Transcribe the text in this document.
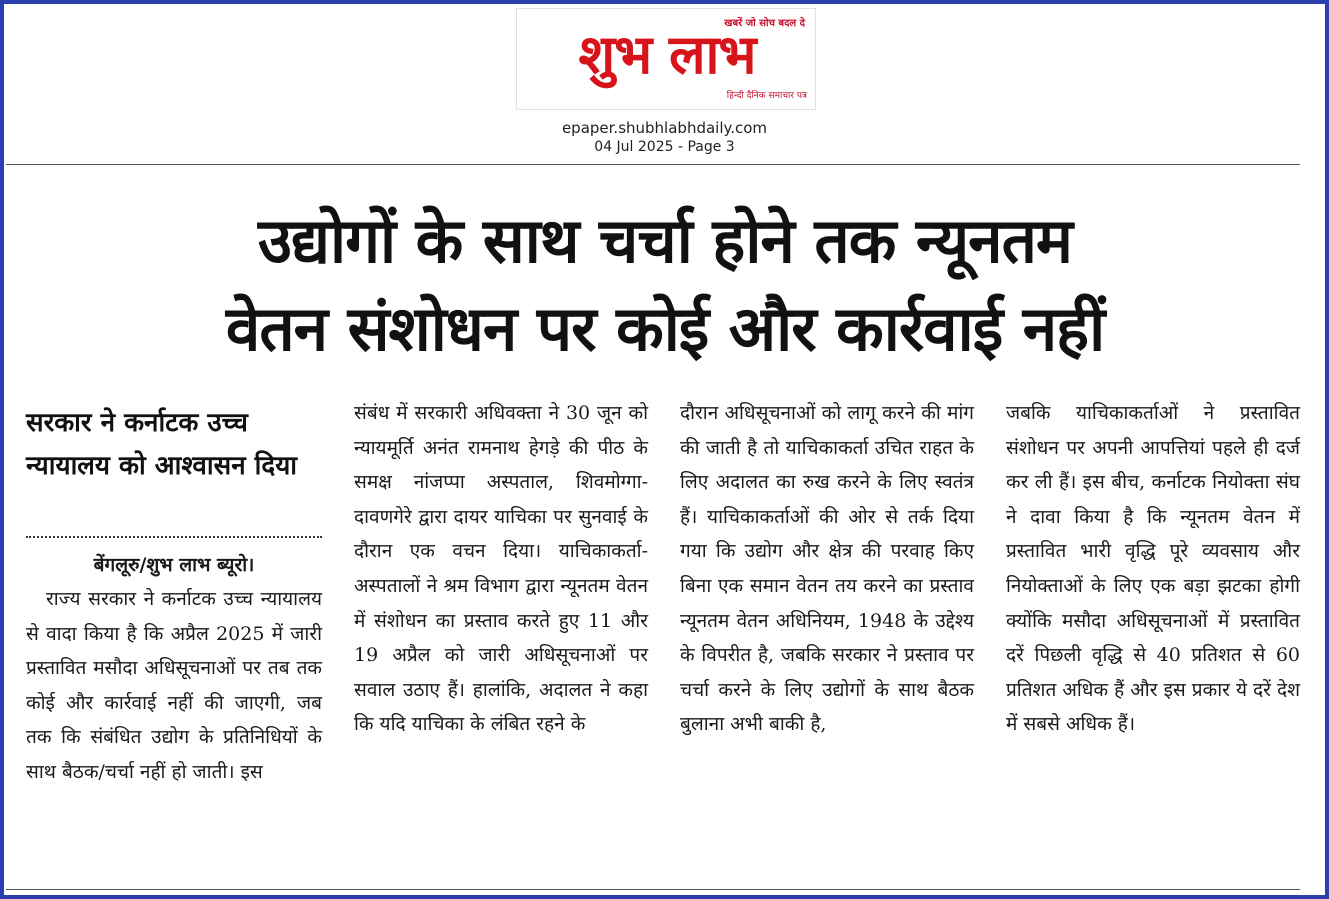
खबरें जो सोच बदल दे
शुभ लाभ
हिन्दी दैनिक समाचार पत्र
epaper.shubhlabhdaily.com
04 Jul 2025 - Page 3
उद्योगों के साथ चर्चा होने तक न्यूनतम
वेतन संशोधन पर कोई और कार्रवाई नहीं
सरकार ने कर्नाटक उच्च न्यायालय को आश्वासन दिया
बेंगलूरु/शुभ लाभ ब्यूरो।
राज्य सरकार ने कर्नाटक उच्च न्यायालय से वादा किया है कि अप्रैल 2025 में जारी प्रस्तावित मसौदा अधिसूचनाओं पर तब तक कोई और कार्रवाई नहीं की जाएगी, जब तक कि संबंधित उद्योग के प्रतिनिधियों के साथ बैठक/चर्चा नहीं हो जाती। इस
संबंध में सरकारी अधिवक्ता ने 30 जून को न्यायमूर्ति अनंत रामनाथ हेगड़े की पीठ के समक्ष नांजप्पा अस्पताल, शिवमोग्गा-दावणगेरे द्वारा दायर याचिका पर सुनवाई के दौरान एक वचन दिया। याचिकाकर्ता-अस्पतालों ने श्रम विभाग द्वारा न्यूनतम वेतन में संशोधन का प्रस्ताव करते हुए 11 और 19 अप्रैल को जारी अधिसूचनाओं पर सवाल उठाए हैं। हालांकि, अदालत ने कहा कि यदि याचिका के लंबित रहने के
दौरान अधिसूचनाओं को लागू करने की मांग की जाती है तो याचिकाकर्ता उचित राहत के लिए अदालत का रुख करने के लिए स्वतंत्र हैं। याचिकाकर्ताओं की ओर से तर्क दिया गया कि उद्योग और क्षेत्र की परवाह किए बिना एक समान वेतन तय करने का प्रस्ताव न्यूनतम वेतन अधिनियम, 1948 के उद्देश्य के विपरीत है, जबकि सरकार ने प्रस्ताव पर चर्चा करने के लिए उद्योगों के साथ बैठक बुलाना अभी बाकी है,
जबकि याचिकाकर्ताओं ने प्रस्तावित संशोधन पर अपनी आपत्तियां पहले ही दर्ज कर ली हैं। इस बीच, कर्नाटक नियोक्ता संघ ने दावा किया है कि न्यूनतम वेतन में प्रस्तावित भारी वृद्धि पूरे व्यवसाय और नियोक्ताओं के लिए एक बड़ा झटका होगी क्योंकि मसौदा अधिसूचनाओं में प्रस्तावित दरें पिछली वृद्धि से 40 प्रतिशत से 60 प्रतिशत अधिक हैं और इस प्रकार ये दरें देश में सबसे अधिक हैं।
